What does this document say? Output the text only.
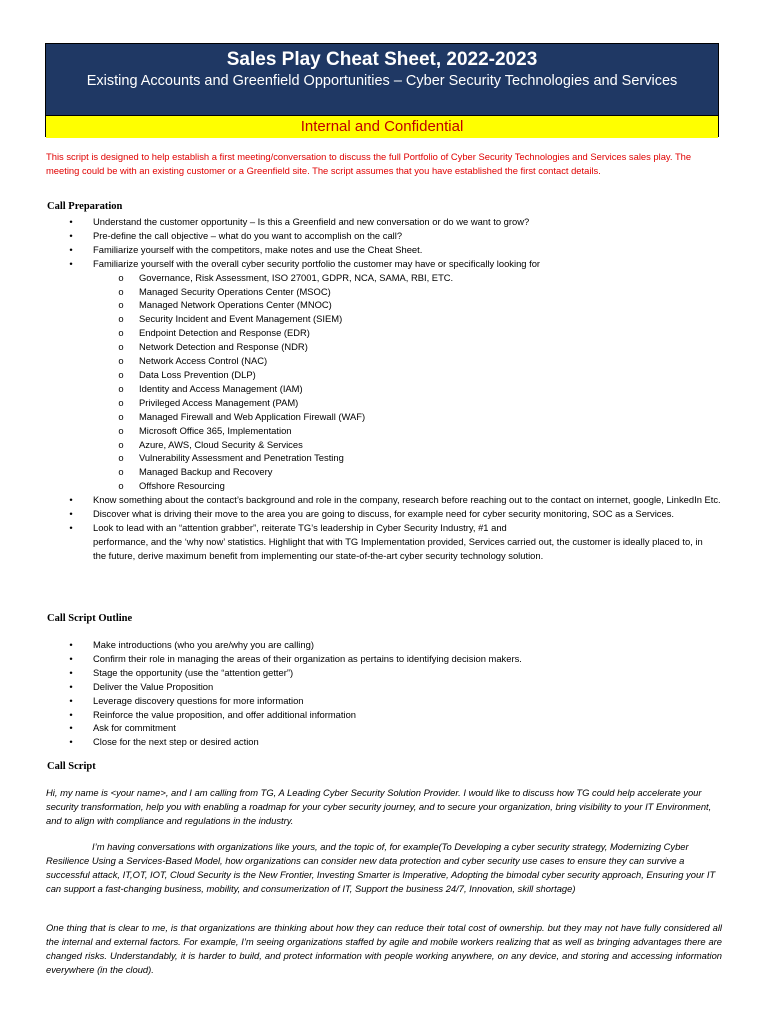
Sales Play Cheat Sheet, 2022-2023
Existing Accounts and Greenfield Opportunities – Cyber Security Technologies and Services
Internal and Confidential
This script is designed to help establish a first meeting/conversation to discuss the full Portfolio of Cyber Security Technologies and Services sales play. The meeting could be with an existing customer or a Greenfield site. The script assumes that you have established the first contact details.
Call Preparation
•	Understand the customer opportunity – Is this a Greenfield and new conversation or do we want to grow?
•	Pre-define the call objective – what do you want to accomplish on the call?
•	Familiarize yourself with the competitors, make notes and use the Cheat Sheet.
•	Familiarize yourself with the overall cyber security portfolio the customer may have or specifically looking for
o Governance, Risk Assessment, ISO 27001, GDPR, NCA, SAMA, RBI, ETC.
o Managed Security Operations Center (MSOC)
o Managed Network Operations Center (MNOC)
o Security Incident and Event Management (SIEM)
o Endpoint Detection and Response (EDR)
o Network Detection and Response (NDR)
o Network Access Control (NAC)
o Data Loss Prevention (DLP)
o Identity and Access Management (IAM)
o Privileged Access Management (PAM)
o Managed Firewall and Web Application Firewall (WAF)
o Microsoft Office 365, Implementation
o Azure, AWS, Cloud Security & Services
o Vulnerability Assessment and Penetration Testing
o Managed Backup and Recovery
o Offshore Resourcing
•	Know something about the contact’s background and role in the company, research before reaching out to the contact on internet, google, LinkedIn Etc.
•	Discover what is driving their move to the area you are going to discuss, for example need for cyber security monitoring, SOC as a Services.
•	Look to lead with an “attention grabber”, reiterate TG’s leadership in Cyber Security Industry, #1 and
performance, and the ‘why now’ statistics. Highlight that with TG Implementation provided, Services carried out, the customer is ideally placed to, in
the future, derive maximum benefit from implementing our state-of-the-art cyber security technology solution.
Call Script Outline
•	Make introductions (who you are/why you are calling)
•	Confirm their role in managing the areas of their organization as pertains to identifying decision makers.
•	Stage the opportunity (use the “attention getter”)
•	Deliver the Value Proposition
•	Leverage discovery questions for more information
•	Reinforce the value proposition, and offer additional information
•	Ask for commitment
•	Close for the next step or desired action
Call Script
Hi, my name is <your name>, and I am calling from TG, A Leading Cyber Security Solution Provider. I would like to discuss how TG could help accelerate your security transformation, help you with enabling a roadmap for your cyber security journey, and to secure your organization, bring visibility to your IT Environment, and to align with compliance and regulations in the industry.
I’m having conversations with organizations like yours, and the topic of, for example(To Developing a cyber security strategy, Modernizing Cyber Resilience Using a Services-Based Model, how organizations can consider new data protection and cyber security use cases to ensure they can survive a successful attack, IT,OT, IOT, Cloud Security is the New Frontier, Investing Smarter is Imperative, Adopting the bimodal cyber security approach, Ensuring your IT can support a fast-changing business, mobility, and consumerization of IT, Support the business 24/7, Innovation, skill shortage)
One thing that is clear to me, is that organizations are thinking about how they can reduce their total cost of ownership. but they may not have fully considered all the internal and external factors. For example, I’m seeing organizations staffed by agile and mobile workers realizing that as well as bringing advantages there are changed risks. Understandably, it is harder to build, and protect information with people working anywhere, on any device, and storing and accessing information everywhere (in the cloud).
